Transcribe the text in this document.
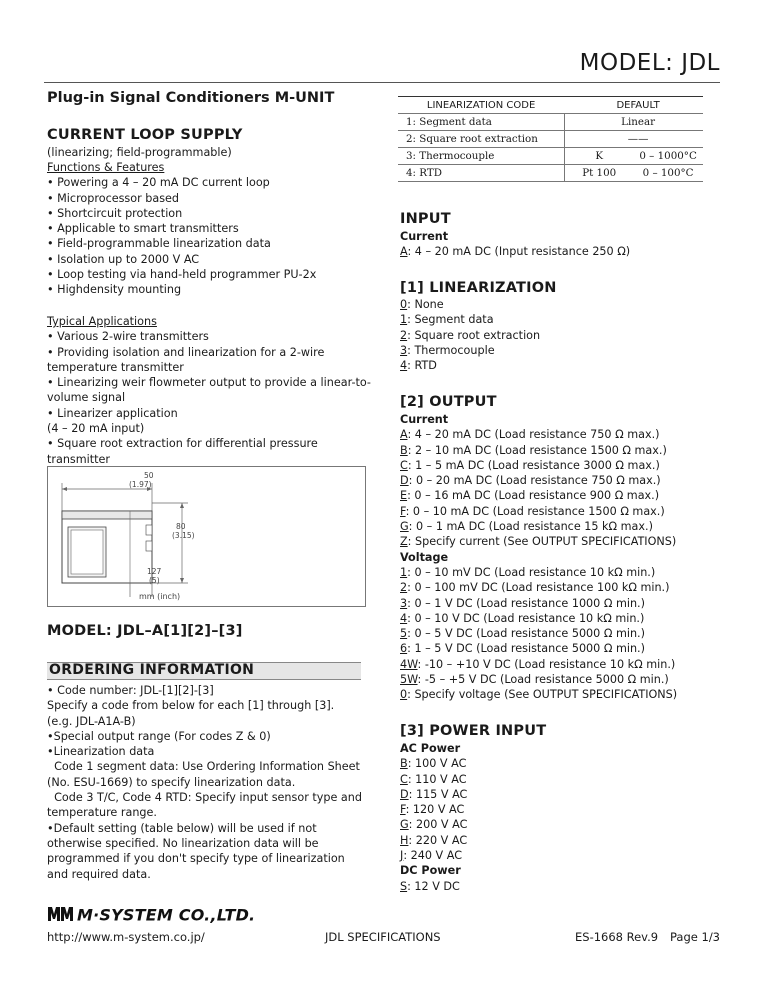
MODEL: JDL
Plug-in Signal Conditioners M-UNIT
CURRENT LOOP SUPPLY
(linearizing; field-programmable)
Functions & Features
• Powering a 4 – 20 mA DC current loop
• Microprocessor based
• Shortcircuit protection
• Applicable to smart transmitters
• Field-programmable linearization data
• Isolation up to 2000 V AC
• Loop testing via hand-held programmer PU-2x
• Highdensity mounting
Typical Applications
• Various 2-wire transmitters
• Providing isolation and linearization for a 2-wire temperature transmitter
• Linearizing weir flowmeter output to provide a linear-to-volume signal
• Linearizer application
(4 – 20 mA input)
• Square root extraction for differential pressure transmitter
50
(1.97)
80
(3.15)
127
(5)
mm (inch)
MODEL: JDL–A[1][2]–[3]
ORDERING INFORMATION
• Code number: JDL-[1][2]-[3]
Specify a code from below for each [1] through [3].
(e.g. JDL-A1A-B)
•Special output range (For codes Z & 0)
•Linearization data
Code 1 segment data: Use Ordering Information Sheet (No. ESU-1669) to specify linearization data.
Code 3 T/C, Code 4 RTD: Specify input sensor type and temperature range.
•Default setting (table below) will be used if not otherwise specified. No linearization data will be programmed if you don't specify type of linearization and required data.
LINEARIZATION CODE	DEFAULT	
1: Segment data	Linear	
2: Square root extraction	——	
3: Thermocouple	K	0 – 1000°C
4: RTD	Pt 100	0 – 100°C
INPUT
Current
A: 4 – 20 mA DC (Input resistance 250 Ω)
[1] LINEARIZATION
0: None
1: Segment data
2: Square root extraction
3: Thermocouple
4: RTD
[2] OUTPUT
Current
A: 4 – 20 mA DC (Load resistance 750 Ω max.)
B: 2 – 10 mA DC (Load resistance 1500 Ω max.)
C: 1 – 5 mA DC (Load resistance 3000 Ω max.)
D: 0 – 20 mA DC (Load resistance 750 Ω max.)
E: 0 – 16 mA DC (Load resistance 900 Ω max.)
F: 0 – 10 mA DC (Load resistance 1500 Ω max.)
G: 0 – 1 mA DC (Load resistance 15 kΩ max.)
Z: Specify current (See OUTPUT SPECIFICATIONS)
Voltage
1: 0 – 10 mV DC (Load resistance 10 kΩ min.)
2: 0 – 100 mV DC (Load resistance 100 kΩ min.)
3: 0 – 1 V DC (Load resistance 1000 Ω min.)
4: 0 – 10 V DC (Load resistance 10 kΩ min.)
5: 0 – 5 V DC (Load resistance 5000 Ω min.)
6: 1 – 5 V DC (Load resistance 5000 Ω min.)
4W: -10 – +10 V DC (Load resistance 10 kΩ min.)
5W: -5 – +5 V DC (Load resistance 5000 Ω min.)
0: Specify voltage (See OUTPUT SPECIFICATIONS)
[3] POWER INPUT
AC Power
B: 100 V AC
C: 110 V AC
D: 115 V AC
F: 120 V AC
G: 200 V AC
H: 220 V AC
J: 240 V AC
DC Power
S: 12 V DC
M·SYSTEM CO.,LTD.
http://www.m-system.co.jp/	JDL SPECIFICATIONS	ES-1668 Rev.9 Page 1/3
